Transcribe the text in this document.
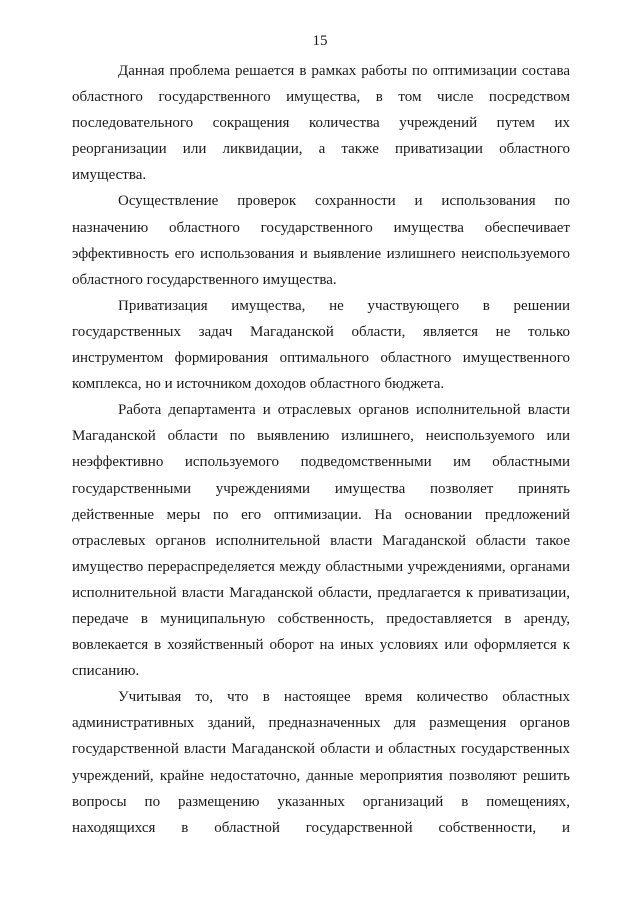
15

Данная проблема решается в рамках работы по оптимизации состава областного государственного имущества, в том числе посредством последовательного сокращения количества учреждений путем их реорганизации или ликвидации, а также приватизации областного имущества.

Осуществление проверок сохранности и использования по назначению областного государственного имущества обеспечивает эффективность его использования и выявление излишнего неиспользуемого областного государственного имущества.

Приватизация имущества, не участвующего в решении государственных задач Магаданской области, является не только инструментом формирования оптимального областного имущественного комплекса, но и источником доходов областного бюджета.

Работа департамента и отраслевых органов исполнительной власти Магаданской области по выявлению излишнего, неиспользуемого или неэффективно используемого подведомственными им областными государственными учреждениями имущества позволяет принять действенные меры по его оптимизации. На основании предложений отраслевых органов исполнительной власти Магаданской области такое имущество перераспределяется между областными учреждениями, органами исполнительной власти Магаданской области, предлагается к приватизации, передаче в муниципальную собственность, предоставляется в аренду, вовлекается в хозяйственный оборот на иных условиях или оформляется к списанию.

Учитывая то, что в настоящее время количество областных административных зданий, предназначенных для размещения органов государственной власти Магаданской области и областных государственных учреждений, крайне недостаточно, данные мероприятия позволяют решить вопросы по размещению указанных организаций в помещениях, находящихся в областной государственной собственности, и
